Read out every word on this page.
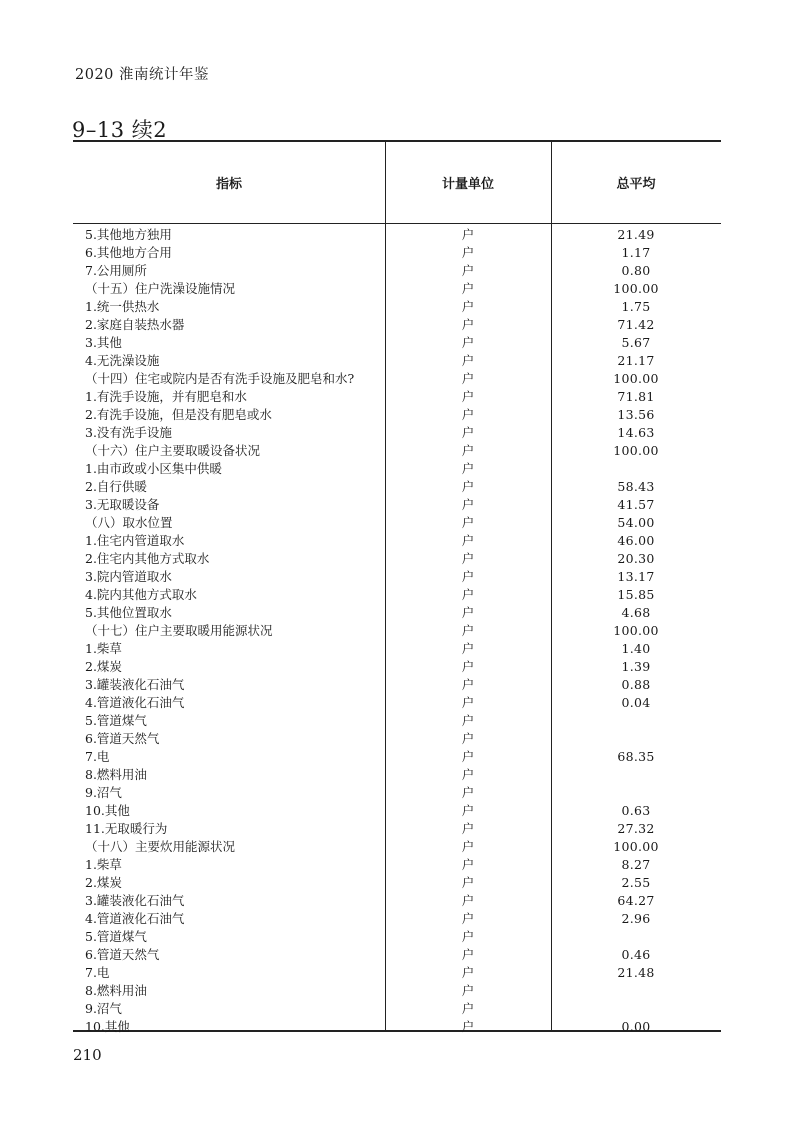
2020 淮南统计年鉴
9–13 续2
指标	计量单位	总平均
5.其他地方独用	户	21.49
6.其他地方合用	户	1.17
7.公用厕所	户	0.80
（十五）住户洗澡设施情况	户	100.00
1.统一供热水	户	1.75
2.家庭自装热水器	户	71.42
3.其他	户	5.67
4.无洗澡设施	户	21.17
（十四）住宅或院内是否有洗手设施及肥皂和水?	户	100.00
1.有洗手设施，并有肥皂和水	户	71.81
2.有洗手设施，但是没有肥皂或水	户	13.56
3.没有洗手设施	户	14.63
（十六）住户主要取暖设备状况	户	100.00
1.由市政或小区集中供暖	户
2.自行供暖	户	58.43
3.无取暖设备	户	41.57
（八）取水位置	户	54.00
1.住宅内管道取水	户	46.00
2.住宅内其他方式取水	户	20.30
3.院内管道取水	户	13.17
4.院内其他方式取水	户	15.85
5.其他位置取水	户	4.68
（十七）住户主要取暖用能源状况	户	100.00
1.柴草	户	1.40
2.煤炭	户	1.39
3.罐装液化石油气	户	0.88
4.管道液化石油气	户	0.04
5.管道煤气	户
6.管道天然气	户
7.电	户	68.35
8.燃料用油	户
9.沼气	户
10.其他	户	0.63
11.无取暖行为	户	27.32
（十八）主要炊用能源状况	户	100.00
1.柴草	户	8.27
2.煤炭	户	2.55
3.罐装液化石油气	户	64.27
4.管道液化石油气	户	2.96
5.管道煤气	户
6.管道天然气	户	0.46
7.电	户	21.48
8.燃料用油	户
9.沼气	户
10.其他	户	0.00
210
